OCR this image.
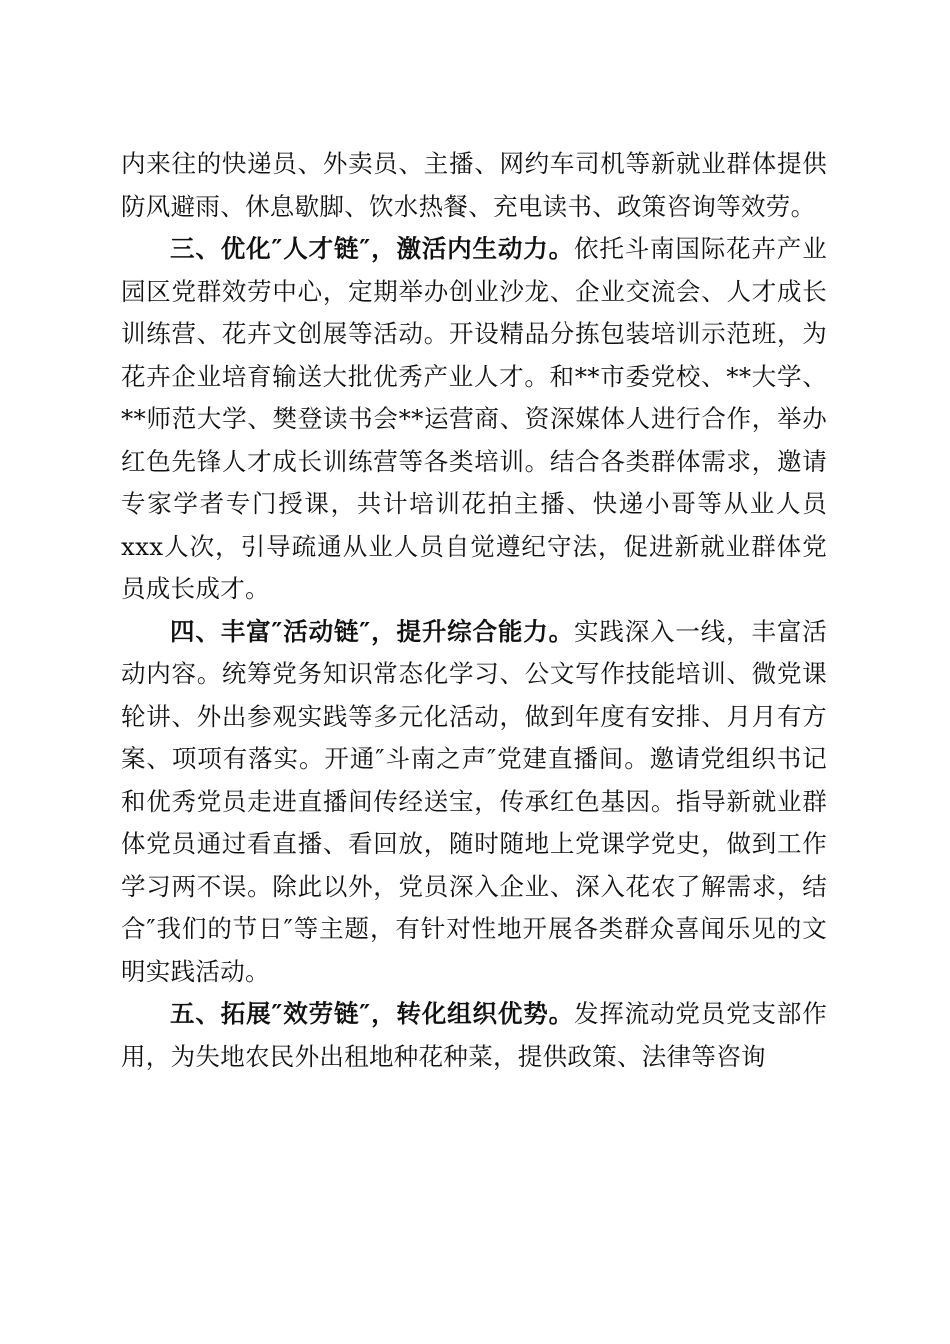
内来往的快递员、外卖员、主播、网约车司机等新就业群体提供防风避雨、休息歇脚、饮水热餐、充电读书、政策咨询等效劳。

三、优化″人才链″，激活内生动力。依托斗南国际花卉产业园区党群效劳中心，定期举办创业沙龙、企业交流会、人才成长训练营、花卉文创展等活动。开设精品分拣包装培训示范班，为花卉企业培育输送大批优秀产业人才。和**市委党校、**大学、**师范大学、樊登读书会**运营商、资深媒体人进行合作，举办红色先锋人才成长训练营等各类培训。结合各类群体需求，邀请专家学者专门授课，共计培训花拍主播、快递小哥等从业人员xxx人次，引导疏通从业人员自觉遵纪守法，促进新就业群体党员成长成才。

四、丰富″活动链″，提升综合能力。实践深入一线，丰富活动内容。统筹党务知识常态化学习、公文写作技能培训、微党课轮讲、外出参观实践等多元化活动，做到年度有安排、月月有方案、项项有落实。开通″斗南之声″党建直播间。邀请党组织书记和优秀党员走进直播间传经送宝，传承红色基因。指导新就业群体党员通过看直播、看回放，随时随地上党课学党史，做到工作学习两不误。除此以外，党员深入企业、深入花农了解需求，结合″我们的节日″等主题，有针对性地开展各类群众喜闻乐见的文明实践活动。

五、拓展″效劳链″，转化组织优势。发挥流动党员党支部作用，为失地农民外出租地种花种菜，提供政策、法律等咨询
